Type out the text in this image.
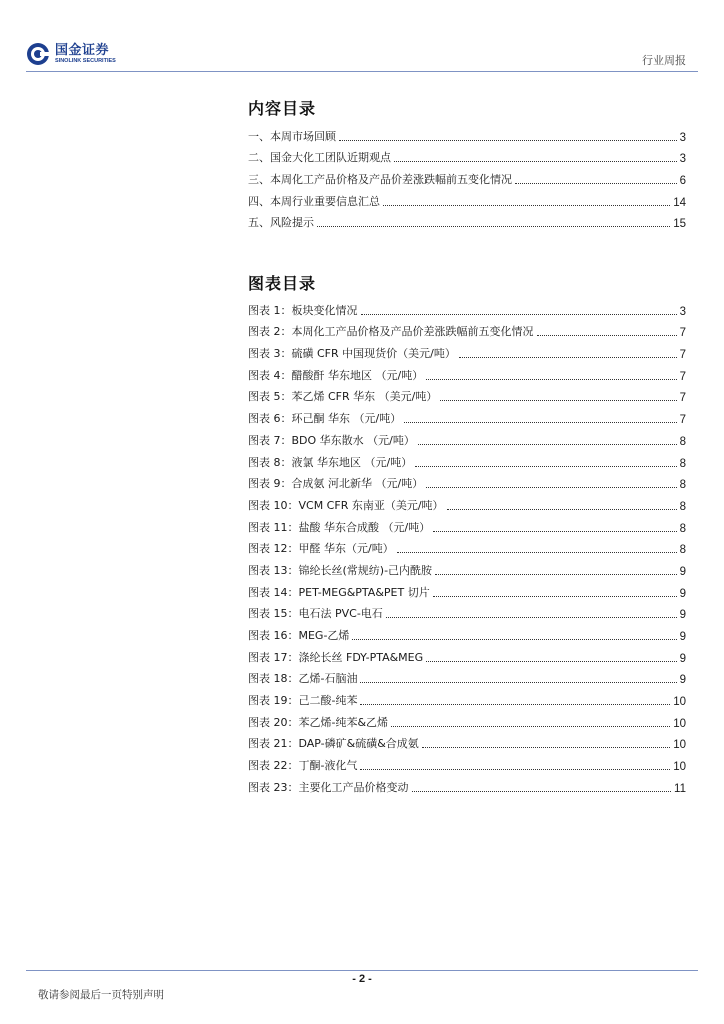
国金证券
SINOLINK SECURITIES	行业周报
内容目录
一、本周市场回顾	3
二、国金大化工团队近期观点	3
三、本周化工产品价格及产品价差涨跌幅前五变化情况	6
四、本周行业重要信息汇总	14
五、风险提示	15
图表目录
图表 1：板块变化情况	3
图表 2：本周化工产品价格及产品价差涨跌幅前五变化情况	7
图表 3：硫磺 CFR 中国现货价（美元/吨）	7
图表 4：醋酸酐 华东地区 （元/吨）	7
图表 5：苯乙烯 CFR 华东 （美元/吨）	7
图表 6：环己酮 华东 （元/吨）	7
图表 7：BDO 华东散水 （元/吨）	8
图表 8：液氯 华东地区 （元/吨）	8
图表 9：合成氨 河北新华 （元/吨）	8
图表 10：VCM CFR 东南亚（美元/吨）	8
图表 11：盐酸 华东合成酸 （元/吨）	8
图表 12：甲醛 华东（元/吨）	8
图表 13：锦纶长丝(常规纺)-己内酰胺	9
图表 14：PET-MEG&PTA&PET 切片	9
图表 15：电石法 PVC-电石	9
图表 16：MEG-乙烯	9
图表 17：涤纶长丝 FDY-PTA&MEG	9
图表 18：乙烯-石脑油	9
图表 19：己二酸-纯苯	10
图表 20：苯乙烯-纯苯&乙烯	10
图表 21：DAP-磷矿&硫磺&合成氨	10
图表 22：丁酮-液化气	10
图表 23：主要化工产品价格变动	11
- 2 -
敬请参阅最后一页特别声明
